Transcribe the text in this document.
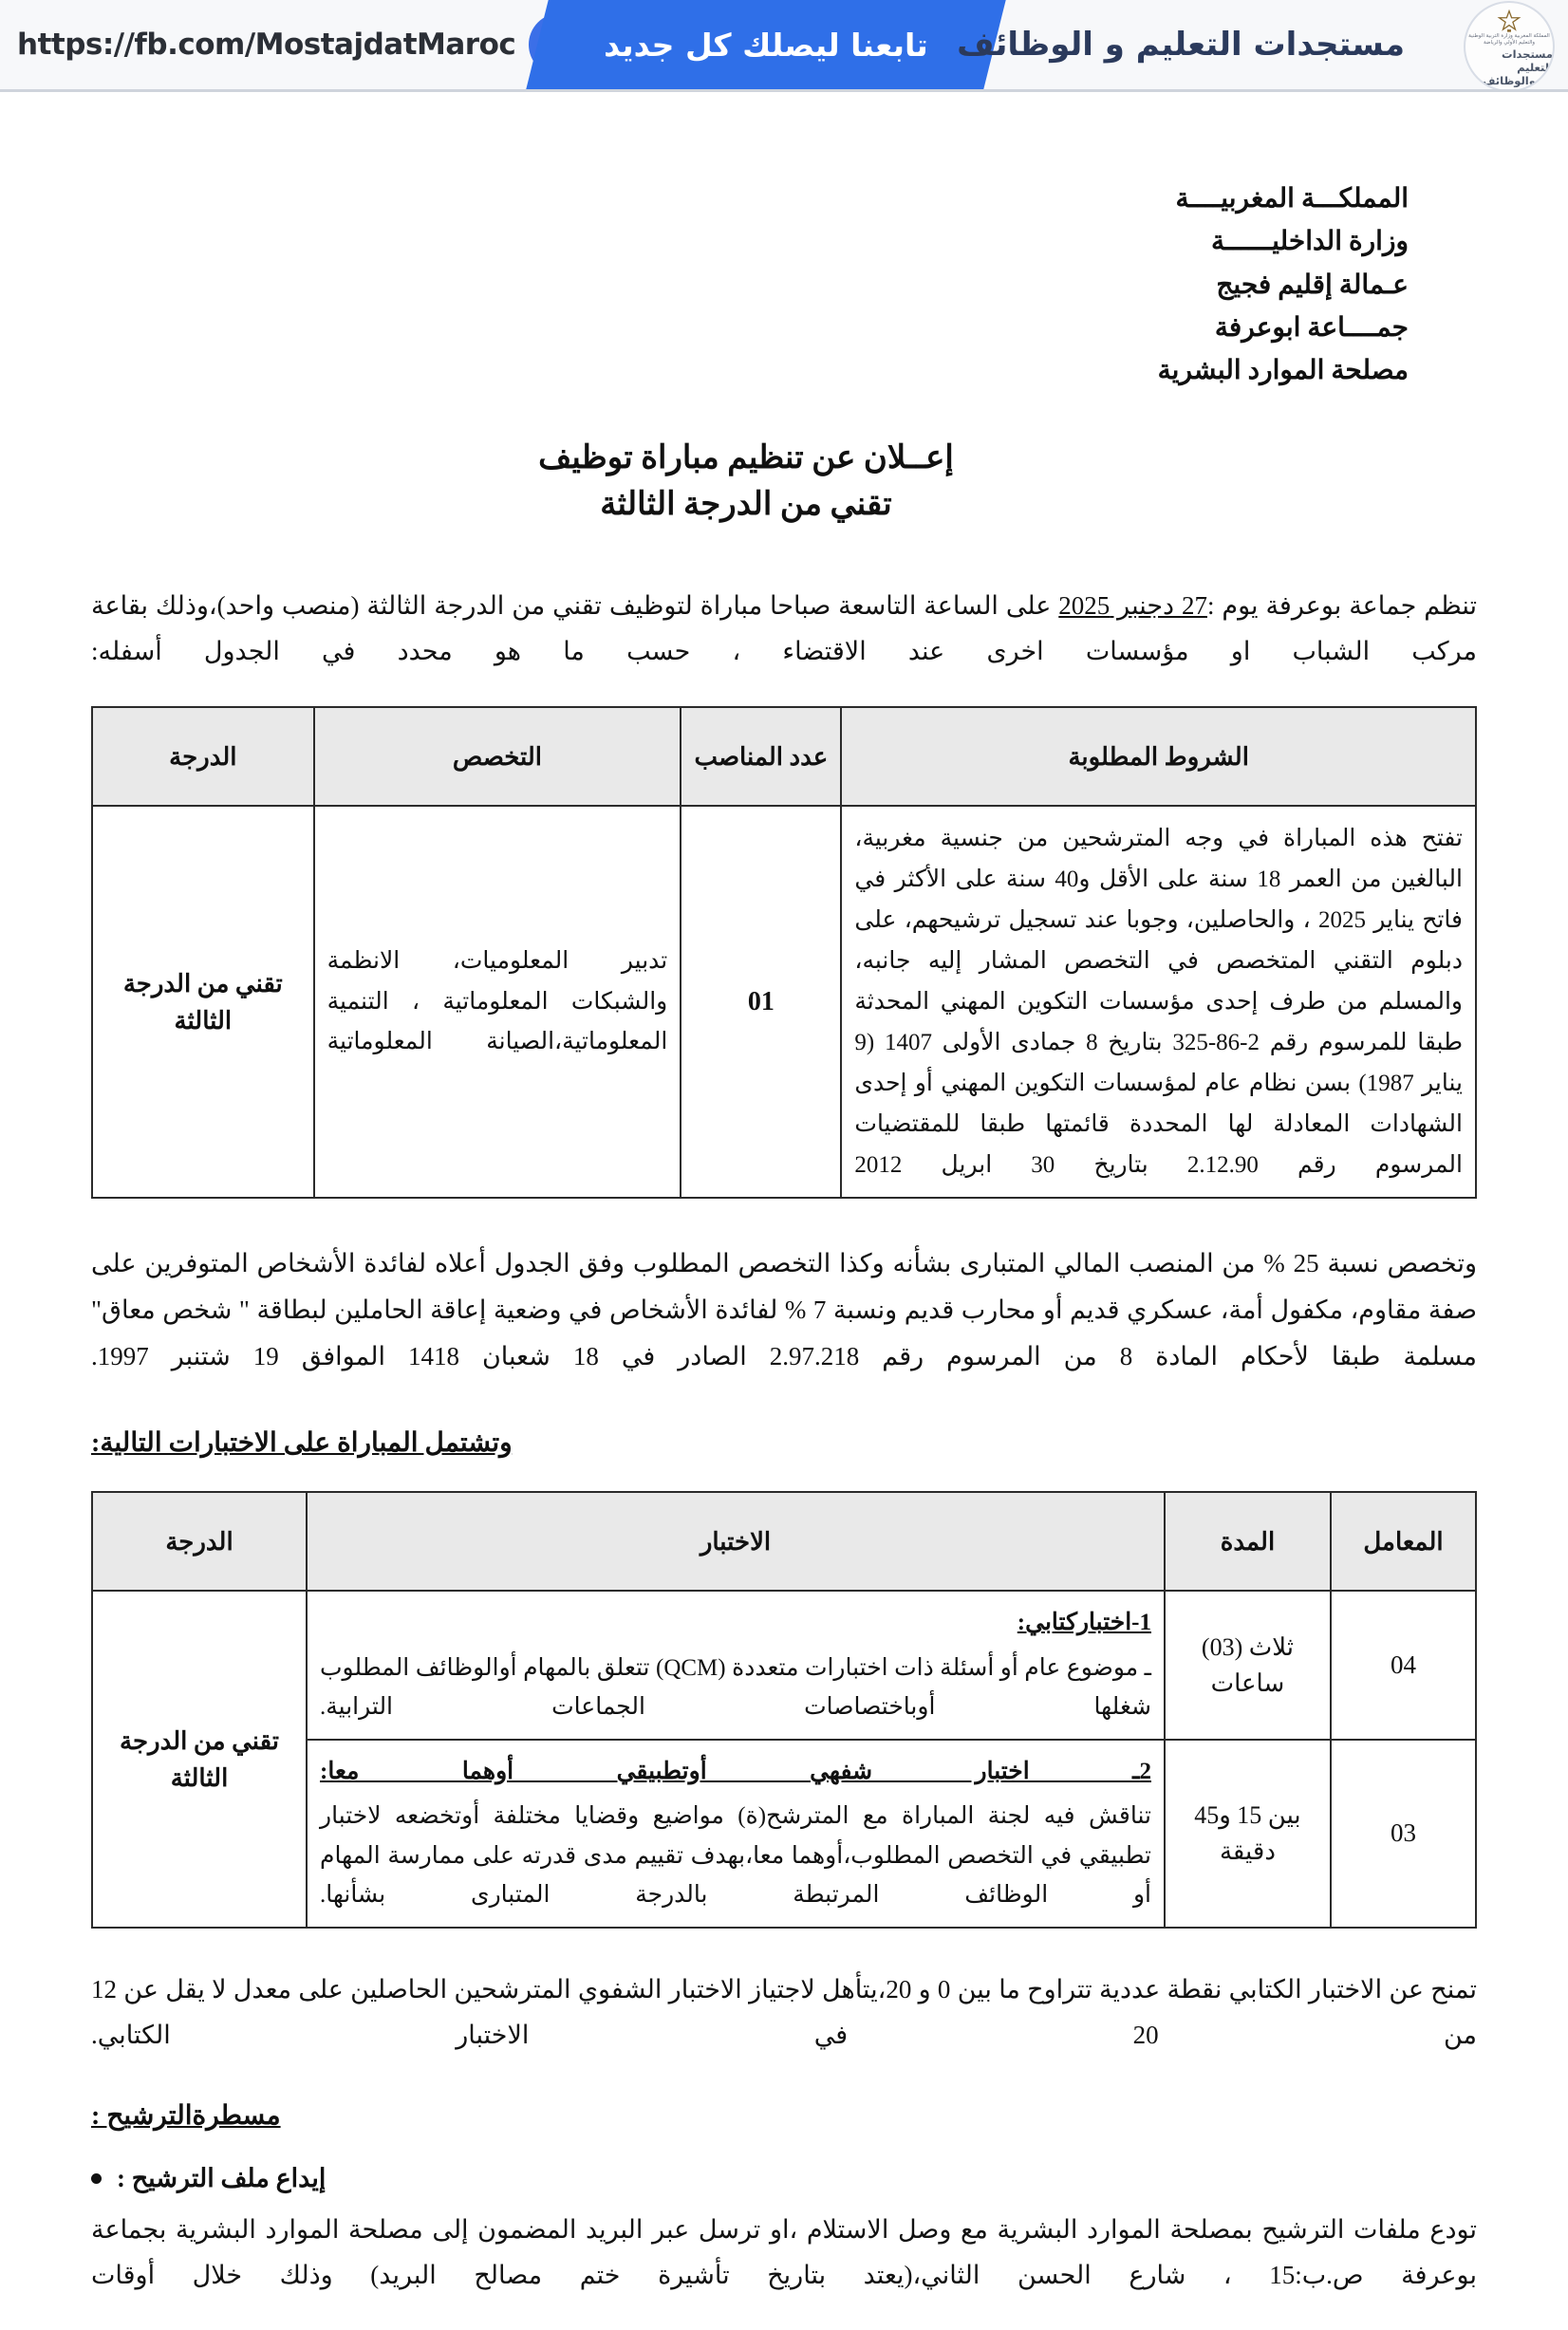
https://fb.com/MostajdatMaroc	تابعنا ليصلك كل جديد مستجدات التعليم و الوظائف	المملكة المغربية وزارة التربية الوطنية والتعليم الأولي والرياضة
مستجدات التعليم
والوظائف
المملكـــة المغربيــــة
وزارة الداخليــــــة
عـمالة إقليم فجيج
جمــــاعة ابوعرفة
مصلحة الموارد البشرية
إعــلان عن تنظيم مباراة توظيف
تقني من الدرجة الثالثة

تنظم جماعة بوعرفة يوم :27 دجنبر 2025 على الساعة التاسعة صباحا مباراة لتوظيف تقني من الدرجة الثالثة (منصب واحد)،وذلك بقاعة مركب الشباب او مؤسسات اخرى عند الاقتضاء ، حسب ما هو محدد في الجدول أسفله:

الشروط المطلوبة	عدد المناصب	التخصص	الدرجة
تفتح هذه المباراة في وجه المترشحين من جنسية مغربية، البالغين من العمر 18 سنة على الأقل و40 سنة على الأكثر في فاتح يناير 2025 ، والحاصلين، وجوبا عند تسجيل ترشيحهم، على دبلوم التقني المتخصص في التخصص المشار إليه جانبه، والمسلم من طرف إحدى مؤسسات التكوين المهني المحدثة طبقا للمرسوم رقم 2-86-325 بتاريخ 8 جمادى الأولى 1407 (9 يناير 1987) بسن نظام عام لمؤسسات التكوين المهني أو إحدى الشهادات المعادلة لها المحددة قائمتها طبقا للمقتضيات المرسوم رقم 2.12.90 بتاريخ 30 ابريل 2012	01	تدبير المعلوميات، الانظمة والشبكات المعلوماتية ، التنمية المعلوماتية،الصيانة المعلوماتية	تقني من الدرجة الثالثة

وتخصص نسبة 25 % من المنصب المالي المتبارى بشأنه وكذا التخصص المطلوب وفق الجدول أعلاه لفائدة الأشخاص المتوفرين على صفة مقاوم، مكفول أمة، عسكري قديم أو محارب قديم ونسبة 7 % لفائدة الأشخاص في وضعية إعاقة الحاملين لبطاقة " شخص معاق" مسلمة طبقا لأحكام المادة 8 من المرسوم رقم 2.97.218 الصادر في 18 شعبان 1418 الموافق 19 شتنبر 1997.

وتشتمل المباراة على الاختبارات التالية:
المعامل	المدة	الاختبار	الدرجة
04	ثلاث (03) ساعات	1-اختباركتابي:
ـ موضوع عام أو أسئلة ذات اختبارات متعددة (QCM) تتعلق بالمهام أوالوظائف المطلوب شغلها أوباختصاصات الجماعات الترابية.	تقني من الدرجة الثالثة
03	بين 15 و45 دقيقة	2ـ اختبار شفهي أوتطبيقي أوهما معا:
تناقش فيه لجنة المباراة مع المترشح(ة) مواضيع وقضايا مختلفة أوتخضعه لاختبار تطبيقي في التخصص المطلوب،أوهما معا،بهدف تقييم مدى قدرته على ممارسة المهام أو الوظائف المرتبطة بالدرجة المتبارى بشأنها.	

تمنح عن الاختبار الكتابي نقطة عددية تتراوح ما بين 0 و 20،يتأهل لاجتياز الاختبار الشفوي المترشحين الحاصلين على معدل لا يقل عن 12 من 20 في الاختبار الكتابي.

مسطرةالترشيح :
إيداع ملف الترشيح :

تودع ملفات الترشيح بمصلحة الموارد البشرية مع وصل الاستلام ،او ترسل عبر البريد المضمون إلى مصلحة الموارد البشرية بجماعة بوعرفة ص.ب:15 ، شارع الحسن الثاني،(يعتد بتاريخ تأشيرة ختم مصالح البريد) وذلك خلال أوقات
